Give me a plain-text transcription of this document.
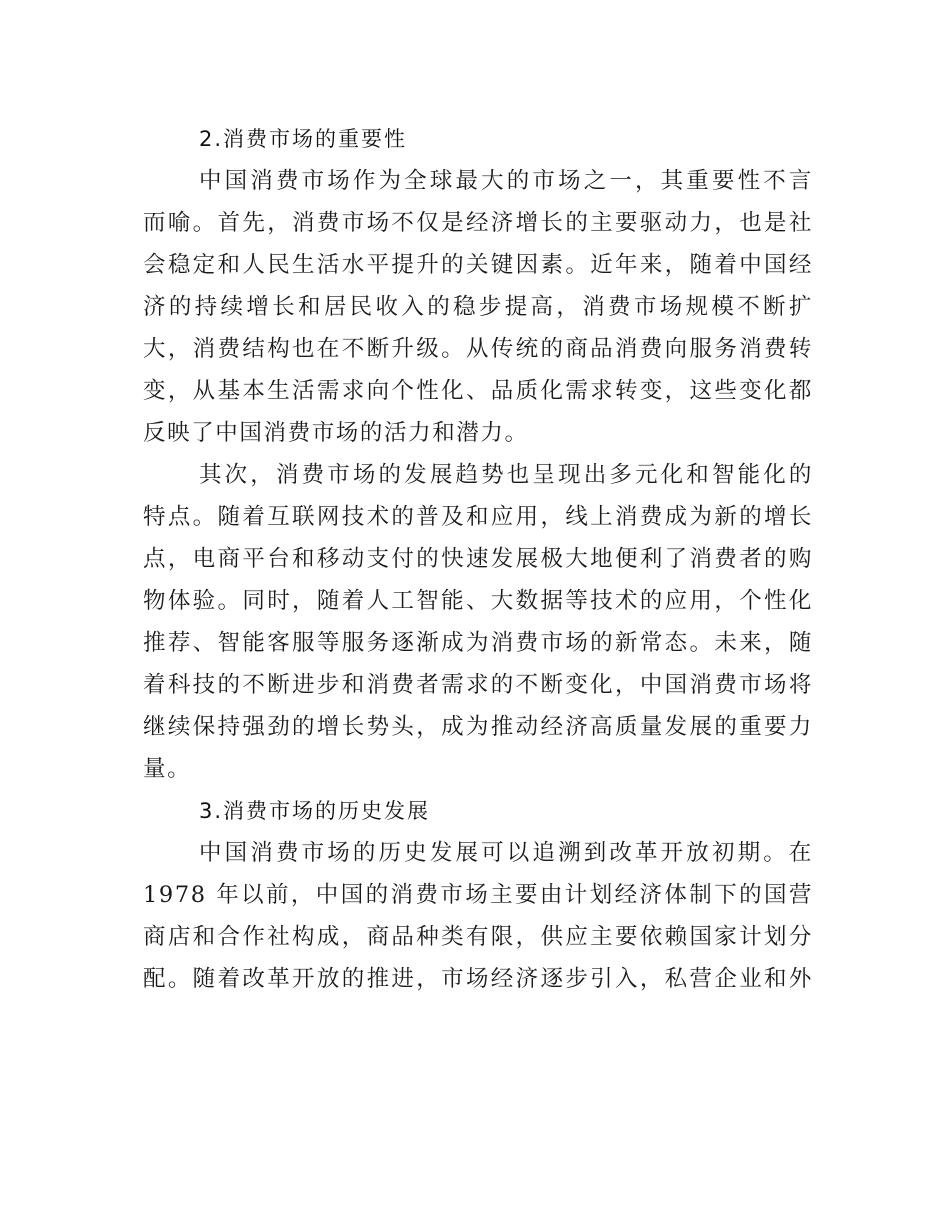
2.消费市场的重要性
中国消费市场作为全球最大的市场之一，其重要性不言
而喻。首先，消费市场不仅是经济增长的主要驱动力，也是社
会稳定和人民生活水平提升的关键因素。近年来，随着中国经
济的持续增长和居民收入的稳步提高，消费市场规模不断扩
大，消费结构也在不断升级。从传统的商品消费向服务消费转
变，从基本生活需求向个性化、品质化需求转变，这些变化都
反映了中国消费市场的活力和潜力。
其次，消费市场的发展趋势也呈现出多元化和智能化的
特点。随着互联网技术的普及和应用，线上消费成为新的增长
点，电商平台和移动支付的快速发展极大地便利了消费者的购
物体验。同时，随着人工智能、大数据等技术的应用，个性化
推荐、智能客服等服务逐渐成为消费市场的新常态。未来，随
着科技的不断进步和消费者需求的不断变化，中国消费市场将
继续保持强劲的增长势头，成为推动经济高质量发展的重要力
量。
3.消费市场的历史发展
中国消费市场的历史发展可以追溯到改革开放初期。在
1978 年以前，中国的消费市场主要由计划经济体制下的国营
商店和合作社构成，商品种类有限，供应主要依赖国家计划分
配。随着改革开放的推进，市场经济逐步引入，私营企业和外
